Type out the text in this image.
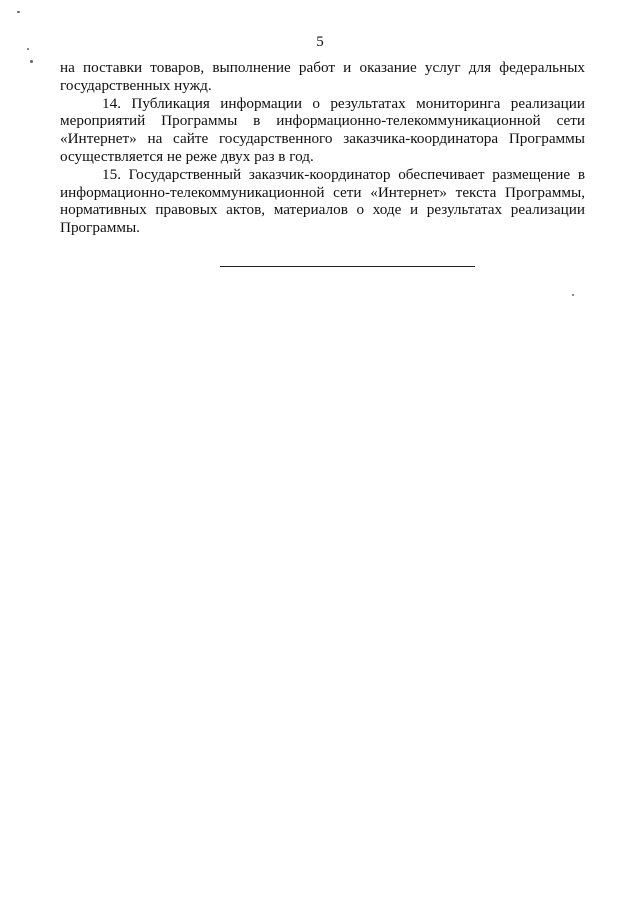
5

на поставки товаров, выполнение работ и оказание услуг для федеральных государственных нужд.

14. Публикация информации о результатах мониторинга реализации мероприятий Программы в информационно-телекоммуникационной сети «Интернет» на сайте государственного заказчика-координатора Программы осуществляется не реже двух раз в год.

15. Государственный заказчик-координатор обеспечивает размещение в информационно-телекоммуникационной сети «Интернет» текста Программы, нормативных правовых актов, материалов о ходе и результатах реализации Программы.
